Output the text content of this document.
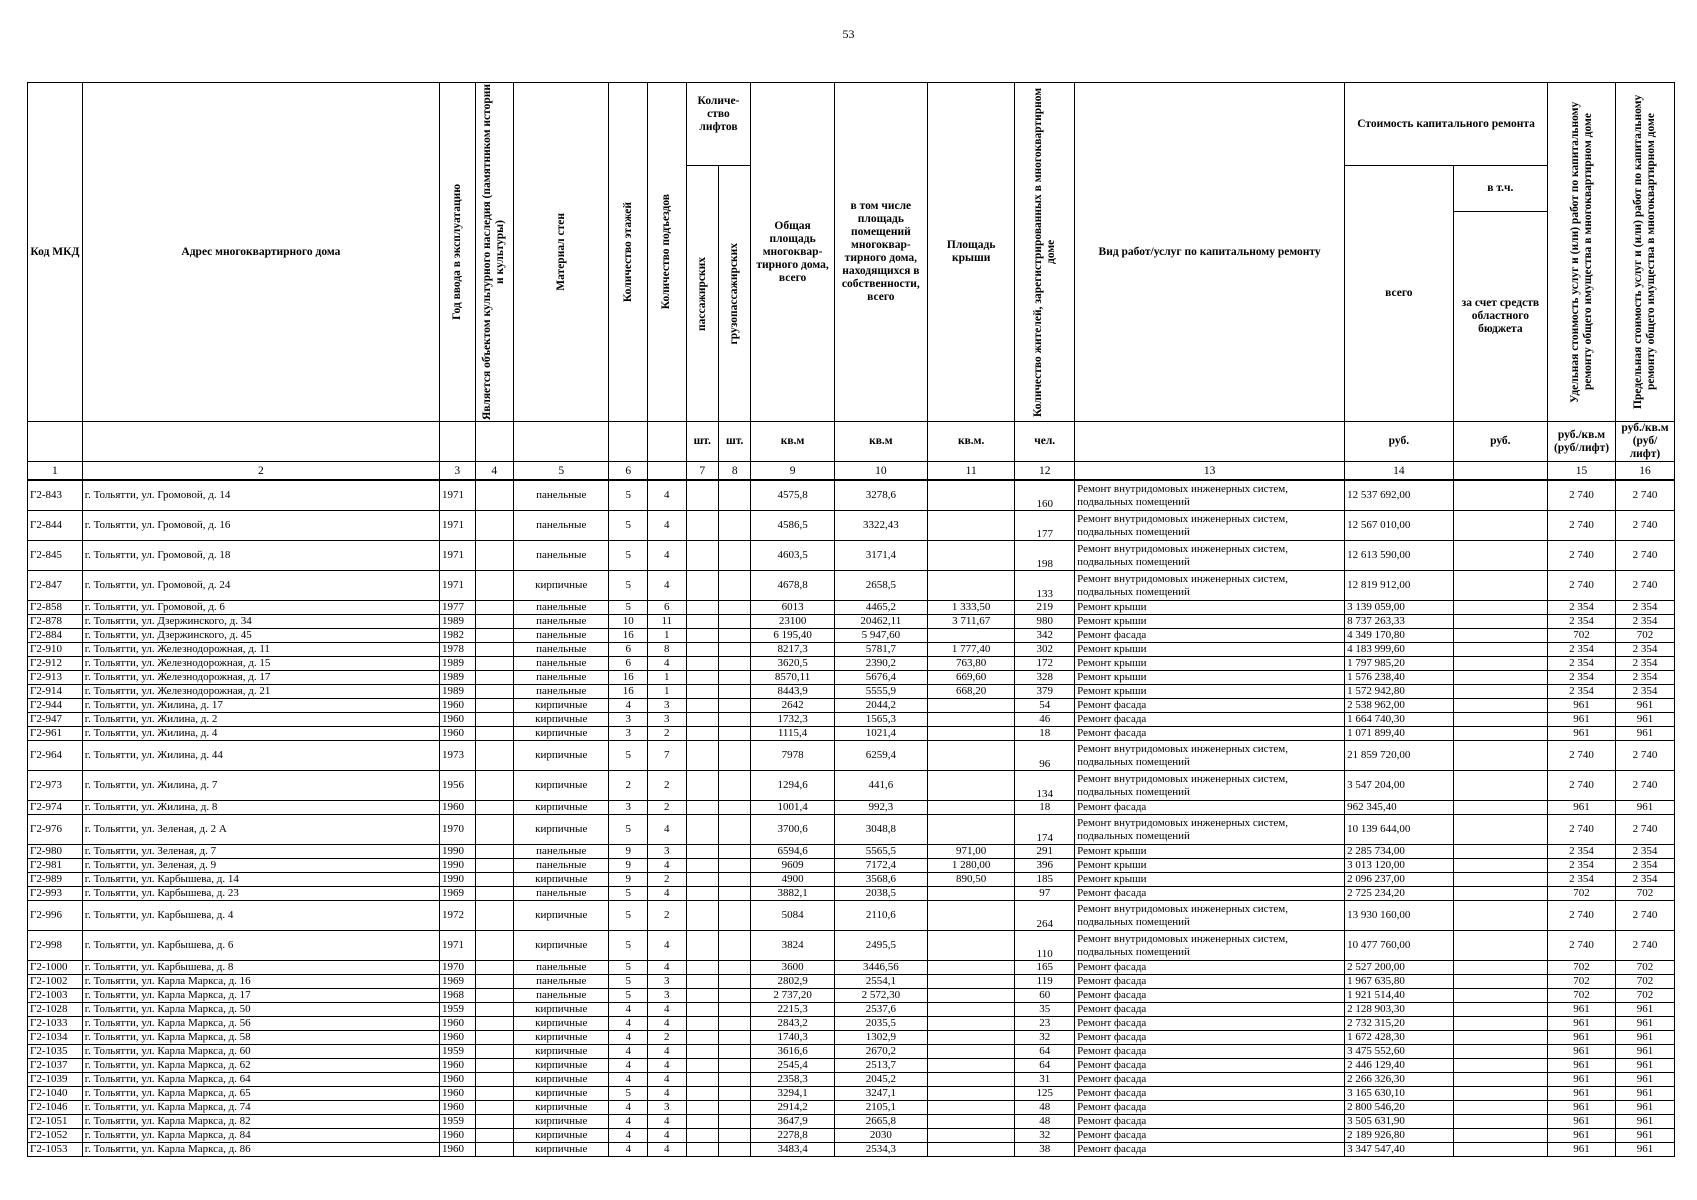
53
Код МКД	Адрес многоквартирного дома	Год ввода в эксплуатацию	Является объектом культурного наследия (памятником истории и культуры)	Материал стен	Количество этажей	Количество подъездов	Количе-ство лифтов		Общая площадь многоквар-тирного дома, всего	в том числе площадь помещений многоквар-тирного дома, находящихся в собственности, всего	Площадь крыши	Количество жителей, зарегистрированных в многоквартирном доме	Вид работ/услуг по капитальному ремонту	Стоимость капитального ремонта		Удельная стоимость услуг и (или) работ по капитальному ремонту общего имущества в многоквартирном доме	Предельная стоимость услуг и (или) работ по капитальному ремонту общего имущества в многоквартирном доме

							пассажирских	грузопассажирских						всего	в т.ч.		
															за счет средств областного бюджета		
							шт.	шт.	кв.м	кв.м	кв.м.	чел.		руб.	руб.	руб./кв.м (руб/лифт)	руб./кв.м (руб/лифт)
1	2	3	4	5	6		7	8	9	10	11	12	13	14		15	16
Г2-843	г. Тольятти, ул. Громовой, д. 14	1971		панельные	5	4			4575,8	3278,6		160	Ремонт внутридомовых инженерных систем, подвальных помещений	12 537 692,00		2 740	2 740
Г2-844	г. Тольятти, ул. Громовой, д. 16	1971		панельные	5	4			4586,5	3322,43		177	Ремонт внутридомовых инженерных систем, подвальных помещений	12 567 010,00		2 740	2 740
Г2-845	г. Тольятти, ул. Громовой, д. 18	1971		панельные	5	4			4603,5	3171,4		198	Ремонт внутридомовых инженерных систем, подвальных помещений	12 613 590,00		2 740	2 740
Г2-847	г. Тольятти, ул. Громовой, д. 24	1971		кирпичные	5	4			4678,8	2658,5		133	Ремонт внутридомовых инженерных систем, подвальных помещений	12 819 912,00		2 740	2 740
Г2-858	г. Тольятти, ул. Громовой, д. 6	1977		панельные	5	6			6013	4465,2	1 333,50	219	Ремонт крыши	3 139 059,00		2 354	2 354
Г2-878	г. Тольятти, ул. Дзержинского, д. 34	1989		панельные	10	11			23100	20462,11	3 711,67	980	Ремонт крыши	8 737 263,33		2 354	2 354
Г2-884	г. Тольятти, ул. Дзержинского, д. 45	1982		панельные	16	1			6 195,40	5 947,60		342	Ремонт фасада	4 349 170,80		702	702
Г2-910	г. Тольятти, ул. Железнодорожная, д. 11	1978		панельные	6	8			8217,3	5781,7	1 777,40	302	Ремонт крыши	4 183 999,60		2 354	2 354
Г2-912	г. Тольятти, ул. Железнодорожная, д. 15	1989		панельные	6	4			3620,5	2390,2	763,80	172	Ремонт крыши	1 797 985,20		2 354	2 354
Г2-913	г. Тольятти, ул. Железнодорожная, д. 17	1989		панельные	16	1			8570,11	5676,4	669,60	328	Ремонт крыши	1 576 238,40		2 354	2 354
Г2-914	г. Тольятти, ул. Железнодорожная, д. 21	1989		панельные	16	1			8443,9	5555,9	668,20	379	Ремонт крыши	1 572 942,80		2 354	2 354
Г2-944	г. Тольятти, ул. Жилина, д. 17	1960		кирпичные	4	3			2642	2044,2		54	Ремонт фасада	2 538 962,00		961	961
Г2-947	г. Тольятти, ул. Жилина, д. 2	1960		кирпичные	3	3			1732,3	1565,3		46	Ремонт фасада	1 664 740,30		961	961
Г2-961	г. Тольятти, ул. Жилина, д. 4	1960		кирпичные	3	2			1115,4	1021,4		18	Ремонт фасада	1 071 899,40		961	961
Г2-964	г. Тольятти, ул. Жилина, д. 44	1973		кирпичные	5	7			7978	6259,4		96	Ремонт внутридомовых инженерных систем, подвальных помещений	21 859 720,00		2 740	2 740
Г2-973	г. Тольятти, ул. Жилина, д. 7	1956		кирпичные	2	2			1294,6	441,6		134	Ремонт внутридомовых инженерных систем, подвальных помещений	3 547 204,00		2 740	2 740
Г2-974	г. Тольятти, ул. Жилина, д. 8	1960		кирпичные	3	2			1001,4	992,3		18	Ремонт фасада	962 345,40		961	961
Г2-976	г. Тольятти, ул. Зеленая, д. 2 А	1970		кирпичные	5	4			3700,6	3048,8		174	Ремонт внутридомовых инженерных систем, подвальных помещений	10 139 644,00		2 740	2 740
Г2-980	г. Тольятти, ул. Зеленая, д. 7	1990		панельные	9	3			6594,6	5565,5	971,00	291	Ремонт крыши	2 285 734,00		2 354	2 354
Г2-981	г. Тольятти, ул. Зеленая, д. 9	1990		панельные	9	4			9609	7172,4	1 280,00	396	Ремонт крыши	3 013 120,00		2 354	2 354
Г2-989	г. Тольятти, ул. Карбышева, д. 14	1990		кирпичные	9	2			4900	3568,6	890,50	185	Ремонт крыши	2 096 237,00		2 354	2 354
Г2-993	г. Тольятти, ул. Карбышева, д. 23	1969		панельные	5	4			3882,1	2038,5		97	Ремонт фасада	2 725 234,20		702	702
Г2-996	г. Тольятти, ул. Карбышева, д. 4	1972		кирпичные	5	2			5084	2110,6		264	Ремонт внутридомовых инженерных систем, подвальных помещений	13 930 160,00		2 740	2 740
Г2-998	г. Тольятти, ул. Карбышева, д. 6	1971		кирпичные	5	4			3824	2495,5		110	Ремонт внутридомовых инженерных систем, подвальных помещений	10 477 760,00		2 740	2 740
Г2-1000	г. Тольятти, ул. Карбышева, д. 8	1970		панельные	5	4			3600	3446,56		165	Ремонт фасада	2 527 200,00		702	702
Г2-1002	г. Тольятти, ул. Карла Маркса, д. 16	1969		панельные	5	3			2802,9	2554,1		119	Ремонт фасада	1 967 635,80		702	702
Г2-1003	г. Тольятти, ул. Карла Маркса, д. 17	1968		панельные	5	3			2 737,20	2 572,30		60	Ремонт фасада	1 921 514,40		702	702
Г2-1028	г. Тольятти, ул. Карла Маркса, д. 50	1959		кирпичные	4	4			2215,3	2537,6		35	Ремонт фасада	2 128 903,30		961	961
Г2-1033	г. Тольятти, ул. Карла Маркса, д. 56	1960		кирпичные	4	4			2843,2	2035,5		23	Ремонт фасада	2 732 315,20		961	961
Г2-1034	г. Тольятти, ул. Карла Маркса, д. 58	1960		кирпичные	4	2			1740,3	1302,9		32	Ремонт фасада	1 672 428,30		961	961
Г2-1035	г. Тольятти, ул. Карла Маркса, д. 60	1959		кирпичные	4	4			3616,6	2670,2		64	Ремонт фасада	3 475 552,60		961	961
Г2-1037	г. Тольятти, ул. Карла Маркса, д. 62	1960		кирпичные	4	4			2545,4	2513,7		64	Ремонт фасада	2 446 129,40		961	961
Г2-1039	г. Тольятти, ул. Карла Маркса, д. 64	1960		кирпичные	4	4			2358,3	2045,2		31	Ремонт фасада	2 266 326,30		961	961
Г2-1040	г. Тольятти, ул. Карла Маркса, д. 65	1960		кирпичные	5	4			3294,1	3247,1		125	Ремонт фасада	3 165 630,10		961	961
Г2-1046	г. Тольятти, ул. Карла Маркса, д. 74	1960		кирпичные	4	3			2914,2	2105,1		48	Ремонт фасада	2 800 546,20		961	961
Г2-1051	г. Тольятти, ул. Карла Маркса, д. 82	1959		кирпичные	4	4			3647,9	2665,8		48	Ремонт фасада	3 505 631,90		961	961
Г2-1052	г. Тольятти, ул. Карла Маркса, д. 84	1960		кирпичные	4	4			2278,8	2030		32	Ремонт фасада	2 189 926,80		961	961
Г2-1053	г. Тольятти, ул. Карла Маркса, д. 86	1960		кирпичные	4	4			3483,4	2534,3		38	Ремонт фасада	3 347 547,40		961	961
